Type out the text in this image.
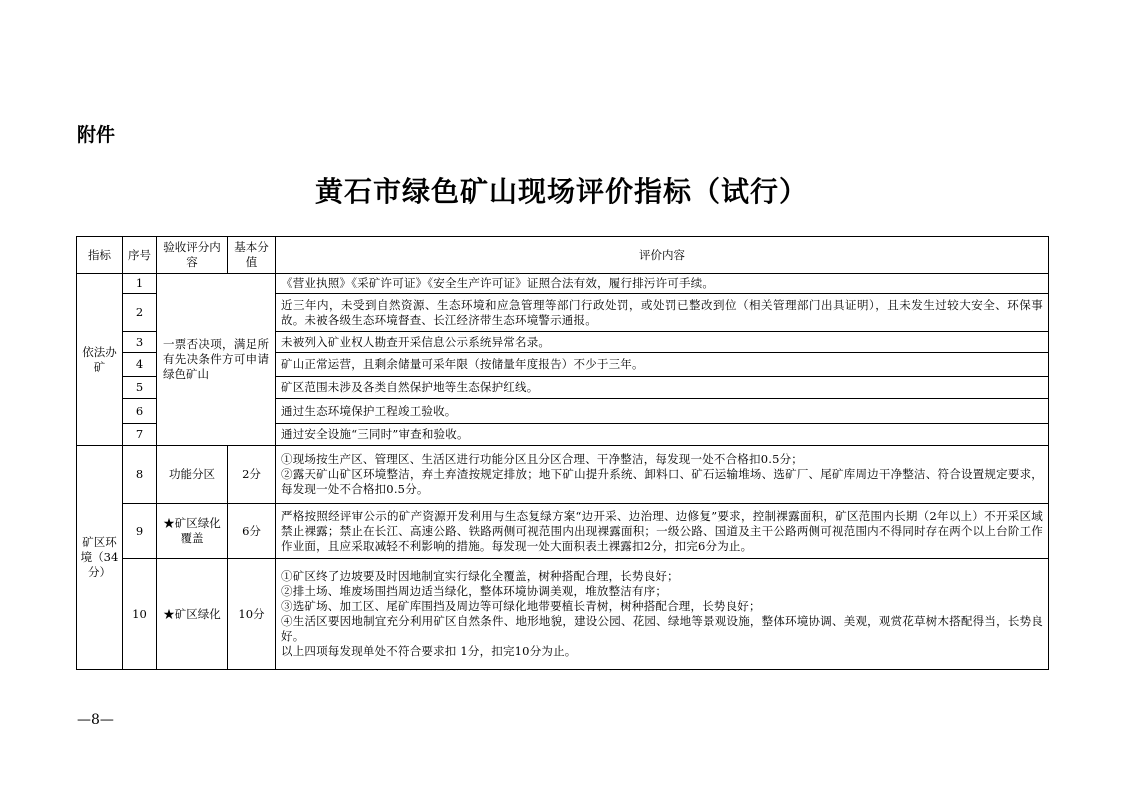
附件
黄石市绿色矿山现场评价指标（试行）
指标	序号	验收评分内容	基本分值	评价内容
依法办矿	1	一票否决项，满足所有先决条件方可申请绿色矿山		《营业执照》《采矿许可证》《安全生产许可证》证照合法有效，履行排污许可手续。
	2			近三年内，未受到自然资源、生态环境和应急管理等部门行政处罚，或处罚已整改到位（相关管理部门出具证明），且未发生过较大安全、环保事故。未被各级生态环境督查、长江经济带生态环境警示通报。
	3			未被列入矿业权人勘查开采信息公示系统异常名录。
	4			矿山正常运营，且剩余储量可采年限（按储量年度报告）不少于三年。
	5			矿区范围未涉及各类自然保护地等生态保护红线。
	6			通过生态环境保护工程竣工验收。
	7			通过安全设施“三同时”审查和验收。
矿区环境（34分）	8	功能分区	2分	①现场按生产区、管理区、生活区进行功能分区且分区合理、干净整洁，每发现一处不合格扣0.5分；
②露天矿山矿区环境整洁，弃土弃渣按规定排放；地下矿山提升系统、卸料口、矿石运输堆场、选矿厂、尾矿库周边干净整洁、符合设置规定要求，每发现一处不合格扣0.5分。

	9	★矿区绿化覆盖	6分	严格按照经评审公示的矿产资源开发利用与生态复绿方案“边开采、边治理、边修复”要求，控制裸露面积，矿区范围内长期（2年以上）不开采区域禁止裸露；禁止在长江、高速公路、铁路两侧可视范围内出现裸露面积；一级公路、国道及主干公路两侧可视范围内不得同时存在两个以上台阶工作作业面，且应采取减轻不利影响的措施。每发现一处大面积表土裸露扣2分，扣完6分为止。
	10	★矿区绿化	10分	①矿区终了边坡要及时因地制宜实行绿化全覆盖，树种搭配合理，长势良好；
②排土场、堆废场围挡周边适当绿化，整体环境协调美观，堆放整洁有序；
③选矿场、加工区、尾矿库围挡及周边等可绿化地带要植长青树，树种搭配合理，长势良好；
④生活区要因地制宜充分利用矿区自然条件、地形地貌，建设公园、花园、绿地等景观设施，整体环境协调、美观，观赏花草树木搭配得当，长势良好。
以上四项每发现单处不符合要求扣 1分，扣完10分为止。
—8—
